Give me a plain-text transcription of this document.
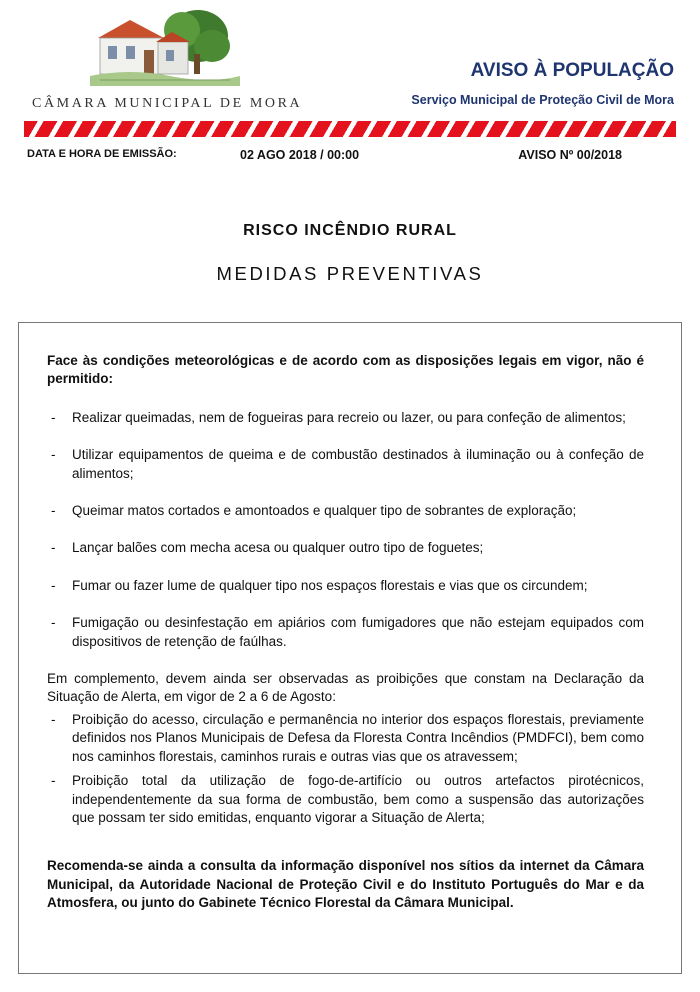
CÂMARA MUNICIPAL DE MORA
AVISO À POPULAÇÃO
Serviço Municipal de Proteção Civil de Mora
DATA E HORA DE EMISSÃO:	02 AGO 2018 / 00:00	AVISO Nº 00/2018
RISCO INCÊNDIO RURAL
MEDIDAS PREVENTIVAS

Face às condições meteorológicas e de acordo com as disposições legais em vigor, não é permitido:

- Realizar queimadas, nem de fogueiras para recreio ou lazer, ou para confeção de alimentos;
- Utilizar equipamentos de queima e de combustão destinados à iluminação ou à confeção de alimentos;
- Queimar matos cortados e amontoados e qualquer tipo de sobrantes de exploração;
- Lançar balões com mecha acesa ou qualquer outro tipo de foguetes;
- Fumar ou fazer lume de qualquer tipo nos espaços florestais e vias que os circundem;
- Fumigação ou desinfestação em apiários com fumigadores que não estejam equipados com dispositivos de retenção de faúlhas.

Em complemento, devem ainda ser observadas as proibições que constam na Declaração da Situação de Alerta, em vigor de 2 a 6 de Agosto:

- Proibição do acesso, circulação e permanência no interior dos espaços florestais, previamente definidos nos Planos Municipais de Defesa da Floresta Contra Incêndios (PMDFCI), bem como nos caminhos florestais, caminhos rurais e outras vias que os atravessem;
- Proibição total da utilização de fogo-de-artifício ou outros artefactos pirotécnicos, independentemente da sua forma de combustão, bem como a suspensão das autorizações que possam ter sido emitidas, enquanto vigorar a Situação de Alerta;

Recomenda-se ainda a consulta da informação disponível nos sítios da internet da Câmara Municipal, da Autoridade Nacional de Proteção Civil e do Instituto Português do Mar e da Atmosfera, ou junto do Gabinete Técnico Florestal da Câmara Municipal.
